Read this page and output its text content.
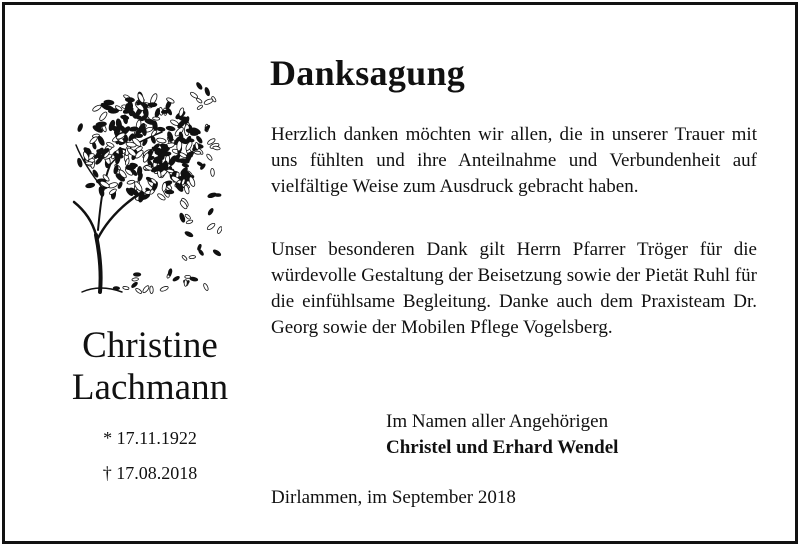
Christine
Lachmann
* 17.11.1922
† 17.08.2018
Danksagung

Herzlich danken möchten wir allen, die in unserer Trauer mit uns fühlten und ihre Anteilnahme und Verbundenheit auf vielfältige Weise zum Ausdruck gebracht haben.

Unser besonderen Dank gilt Herrn Pfarrer Tröger für die würdevolle Gestaltung der Beisetzung sowie der Pietät Ruhl für die einfühlsame Begleitung. Danke auch dem Praxisteam Dr. Georg sowie der Mobilen Pflege Vogelsberg.

Im Namen aller Angehörigen
Christel und Erhard Wendel
Dirlammen, im September 2018
